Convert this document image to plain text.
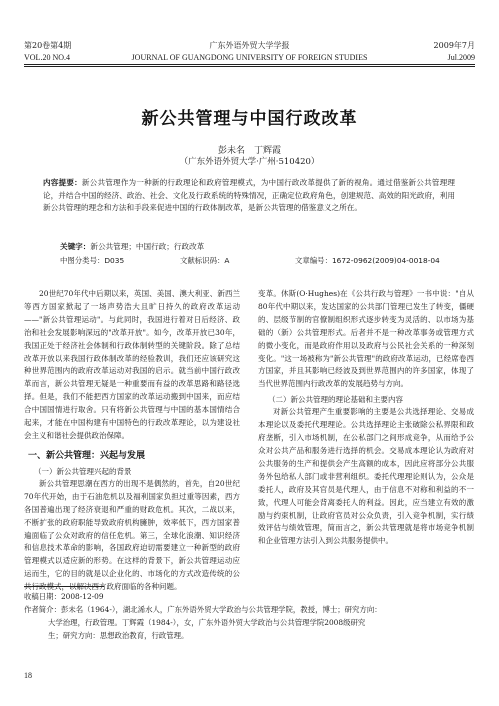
第20卷第4期	广东外语外贸大学学报	2009年7月
VOL.20 NO.4	JOURNAL OF GUANGDONG UNIVERSITY OF FOREIGN STUDIES	Jul.2009
新公共管理与中国行政改革
彭未名　丁辉霞
（广东外语外贸大学·广州·510420）
内容提要：新公共管理作为一种新的行政理论和政府管理模式，为中国行政改革提供了新的视角。通过借鉴新公共管理理论，并结合中国的经济、政治、社会、文化及行政系统的特殊情况，正确定位政府角色，创建规范、高效的阳光政府，利用新公共管理的理念和方法和手段来促进中国的行政体制改革，是新公共管理的借鉴意义之所在。
关键字：新公共管理；中国行政；行政改革
中图分类号：D035	文献标识码：A	文章编号：1672-0962(2009)04-0018-04

20世纪70年代中后期以来，英国、美国、澳大利亚、新西兰等西方国家掀起了一场声势浩大且旷日持久的政府改革运动——"新公共管理运动"。与此同时，我国进行着对日后经济、政治和社会发展影响深远的"改革开放"。如今，改革开放已30年，我国正处于经济社会体制和行政体制转型的关键阶段。除了总结改革开放以来我国行政体制改革的经验教训，我们还应该研究这种世界范围内的政府改革运动对我国的启示。就当前中国行政改革而言，新公共管理无疑是一种重要而有益的改革思路和路径选择。但是，我们不能把西方国家的改革运动搬到中国来，而应结合中国国情进行取舍。只有将新公共管理与中国的基本国情结合起来，才能在中国构建有中国特色的行政改革理论，以为建设社会主义和谐社会提供政治保障。

一、新公共管理：兴起与发展
（一）新公共管理兴起的背景

新公共管理思潮在西方的出现不是偶然的，首先，自20世纪70年代开始，由于石油危机以及福利国家负担过重等因素，西方各国普遍出现了经济衰退和严重的财政危机。其次，二战以来，不断扩张的政府职能导致政府机构臃肿，效率低下，西方国家普遍面临了公众对政府的信任危机。第三，全球化浪潮、知识经济和信息技术革命的影响，各国政府迫切需要建立一种新型的政府管理模式以适应新的形势。在这样的背景下，新公共管理运动应运而生，它的目的就是以企业化的、市场化的方式改造传统的公共行政模式，以解决西方政府面临的各种问题。

变革。休斯(O·Hughes)在《公共行政与管理》一书中说："自从80年代中期以来，发达国家的公共部门管理已发生了转变，僵硬的、层级节制的官僚制组织形式逐步转变为灵活的、以市场为基础的（新）公共管理形式。后者并不是一种改革事务或管理方式的微小变化，而是政府作用以及政府与公民社会关系的一种深刻变化。"这一场被称为"新公共管理"的政府改革运动，已经席卷西方国家，并且其影响已经波及到世界范围内的许多国家，体现了当代世界范围内行政改革的发展趋势与方向。

（二）新公共管理的理论基础和主要内容

对新公共管理产生重要影响的主要是公共选择理论、交易成本理论以及委托代理理论。公共选择理论主张破除公私界限和政府垄断，引入市场机制，在公私部门之间形成竞争，从而给予公众对公共产品和服务进行选择的机会。交易成本理论认为政府对公共服务的生产和提供会产生高额的成本，因此应将部分公共服务外包给私人部门或非营利组织。委托代理理论则认为，公众是委托人，政府及其官员是代理人，由于信息不对称和利益的不一致，代理人可能会背离委托人的利益。因此，应当建立有效的激励与约束机制，让政府官员对公众负责，引入竞争机制，实行绩效评估与绩效管理，简而言之，新公共管理就是将市场竞争机制和企业管理方法引入到公共服务提供中。

收稿日期：2008-12-09
作者简介：彭未名（1964-），湖北浠水人，广东外语外贸大学政治与公共管理学院，教授，博士；研究方向：
大学治理，行政管理。丁辉霞（1984-），女，广东外语外贸大学政治与公共管理学院2008级研究
生；研究方向：思想政治教育，行政管理。
18
